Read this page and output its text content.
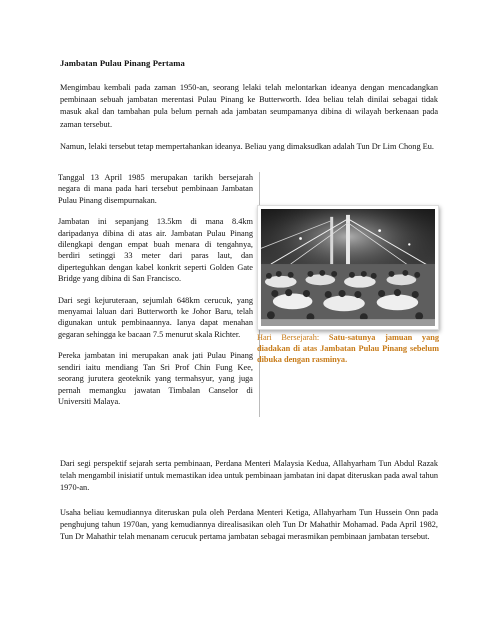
Jambatan Pulau Pinang Pertama
Mengimbau kembali pada zaman 1950-an, seorang lelaki telah melontarkan ideanya dengan mencadangkan pembinaan sebuah jambatan merentasi Pulau Pinang ke Butterworth. Idea beliau telah dinilai sebagai tidak masuk akal dan tambahan pula belum pernah ada jambatan seumpamanya dibina di wilayah berkenaan pada zaman tersebut.
Namun, lelaki tersebut tetap mempertahankan ideanya. Beliau yang dimaksudkan adalah Tun Dr Lim Chong Eu.

Tanggal 13 April 1985 merupakan tarikh bersejarah negara di mana pada hari tersebut pembinaan Jambatan Pulau Pinang disempurnakan.

Jambatan ini sepanjang 13.5km di mana 8.4km daripadanya dibina di atas air. Jambatan Pulau Pinang dilengkapi dengan empat buah menara di tengahnya, berdiri setinggi 33 meter dari paras laut, dan diperteguhkan dengan kabel konkrit seperti Golden Gate Bridge yang dibina di San Francisco.

Dari segi kejuruteraan, sejumlah 648km cerucuk, yang menyamai laluan dari Butterworth ke Johor Baru, telah digunakan untuk pembinaannya. Ianya dapat menahan gegaran sehingga ke bacaan 7.5 menurut skala Richter.

Pereka jambatan ini merupakan anak jati Pulau Pinang sendiri iaitu mendiang Tan Sri Prof Chin Fung Kee, seorang jurutera geoteknik yang termahsyur, yang juga pernah memangku jawatan Timbalan Canselor di Universiti Malaya.

Hari Bersejarah: Satu-satunya jamuan yang diadakan di atas Jambatan Pulau Pinang sebelum dibuka dengan rasminya.
Dari segi perspektif sejarah serta pembinaan, Perdana Menteri Malaysia Kedua, Allahyarham Tun Abdul Razak telah mengambil inisiatif untuk memastikan idea untuk pembinaan jambatan ini dapat diteruskan pada awal tahun 1970-an.
Usaha beliau kemudiannya diteruskan pula oleh Perdana Menteri Ketiga, Allahyarham Tun Hussein Onn pada penghujung tahun 1970an, yang kemudiannya direalisasikan oleh Tun Dr Mahathir Mohamad. Pada April 1982, Tun Dr Mahathir telah menanam cerucuk pertama jambatan sebagai merasmikan pembinaan jambatan tersebut.
